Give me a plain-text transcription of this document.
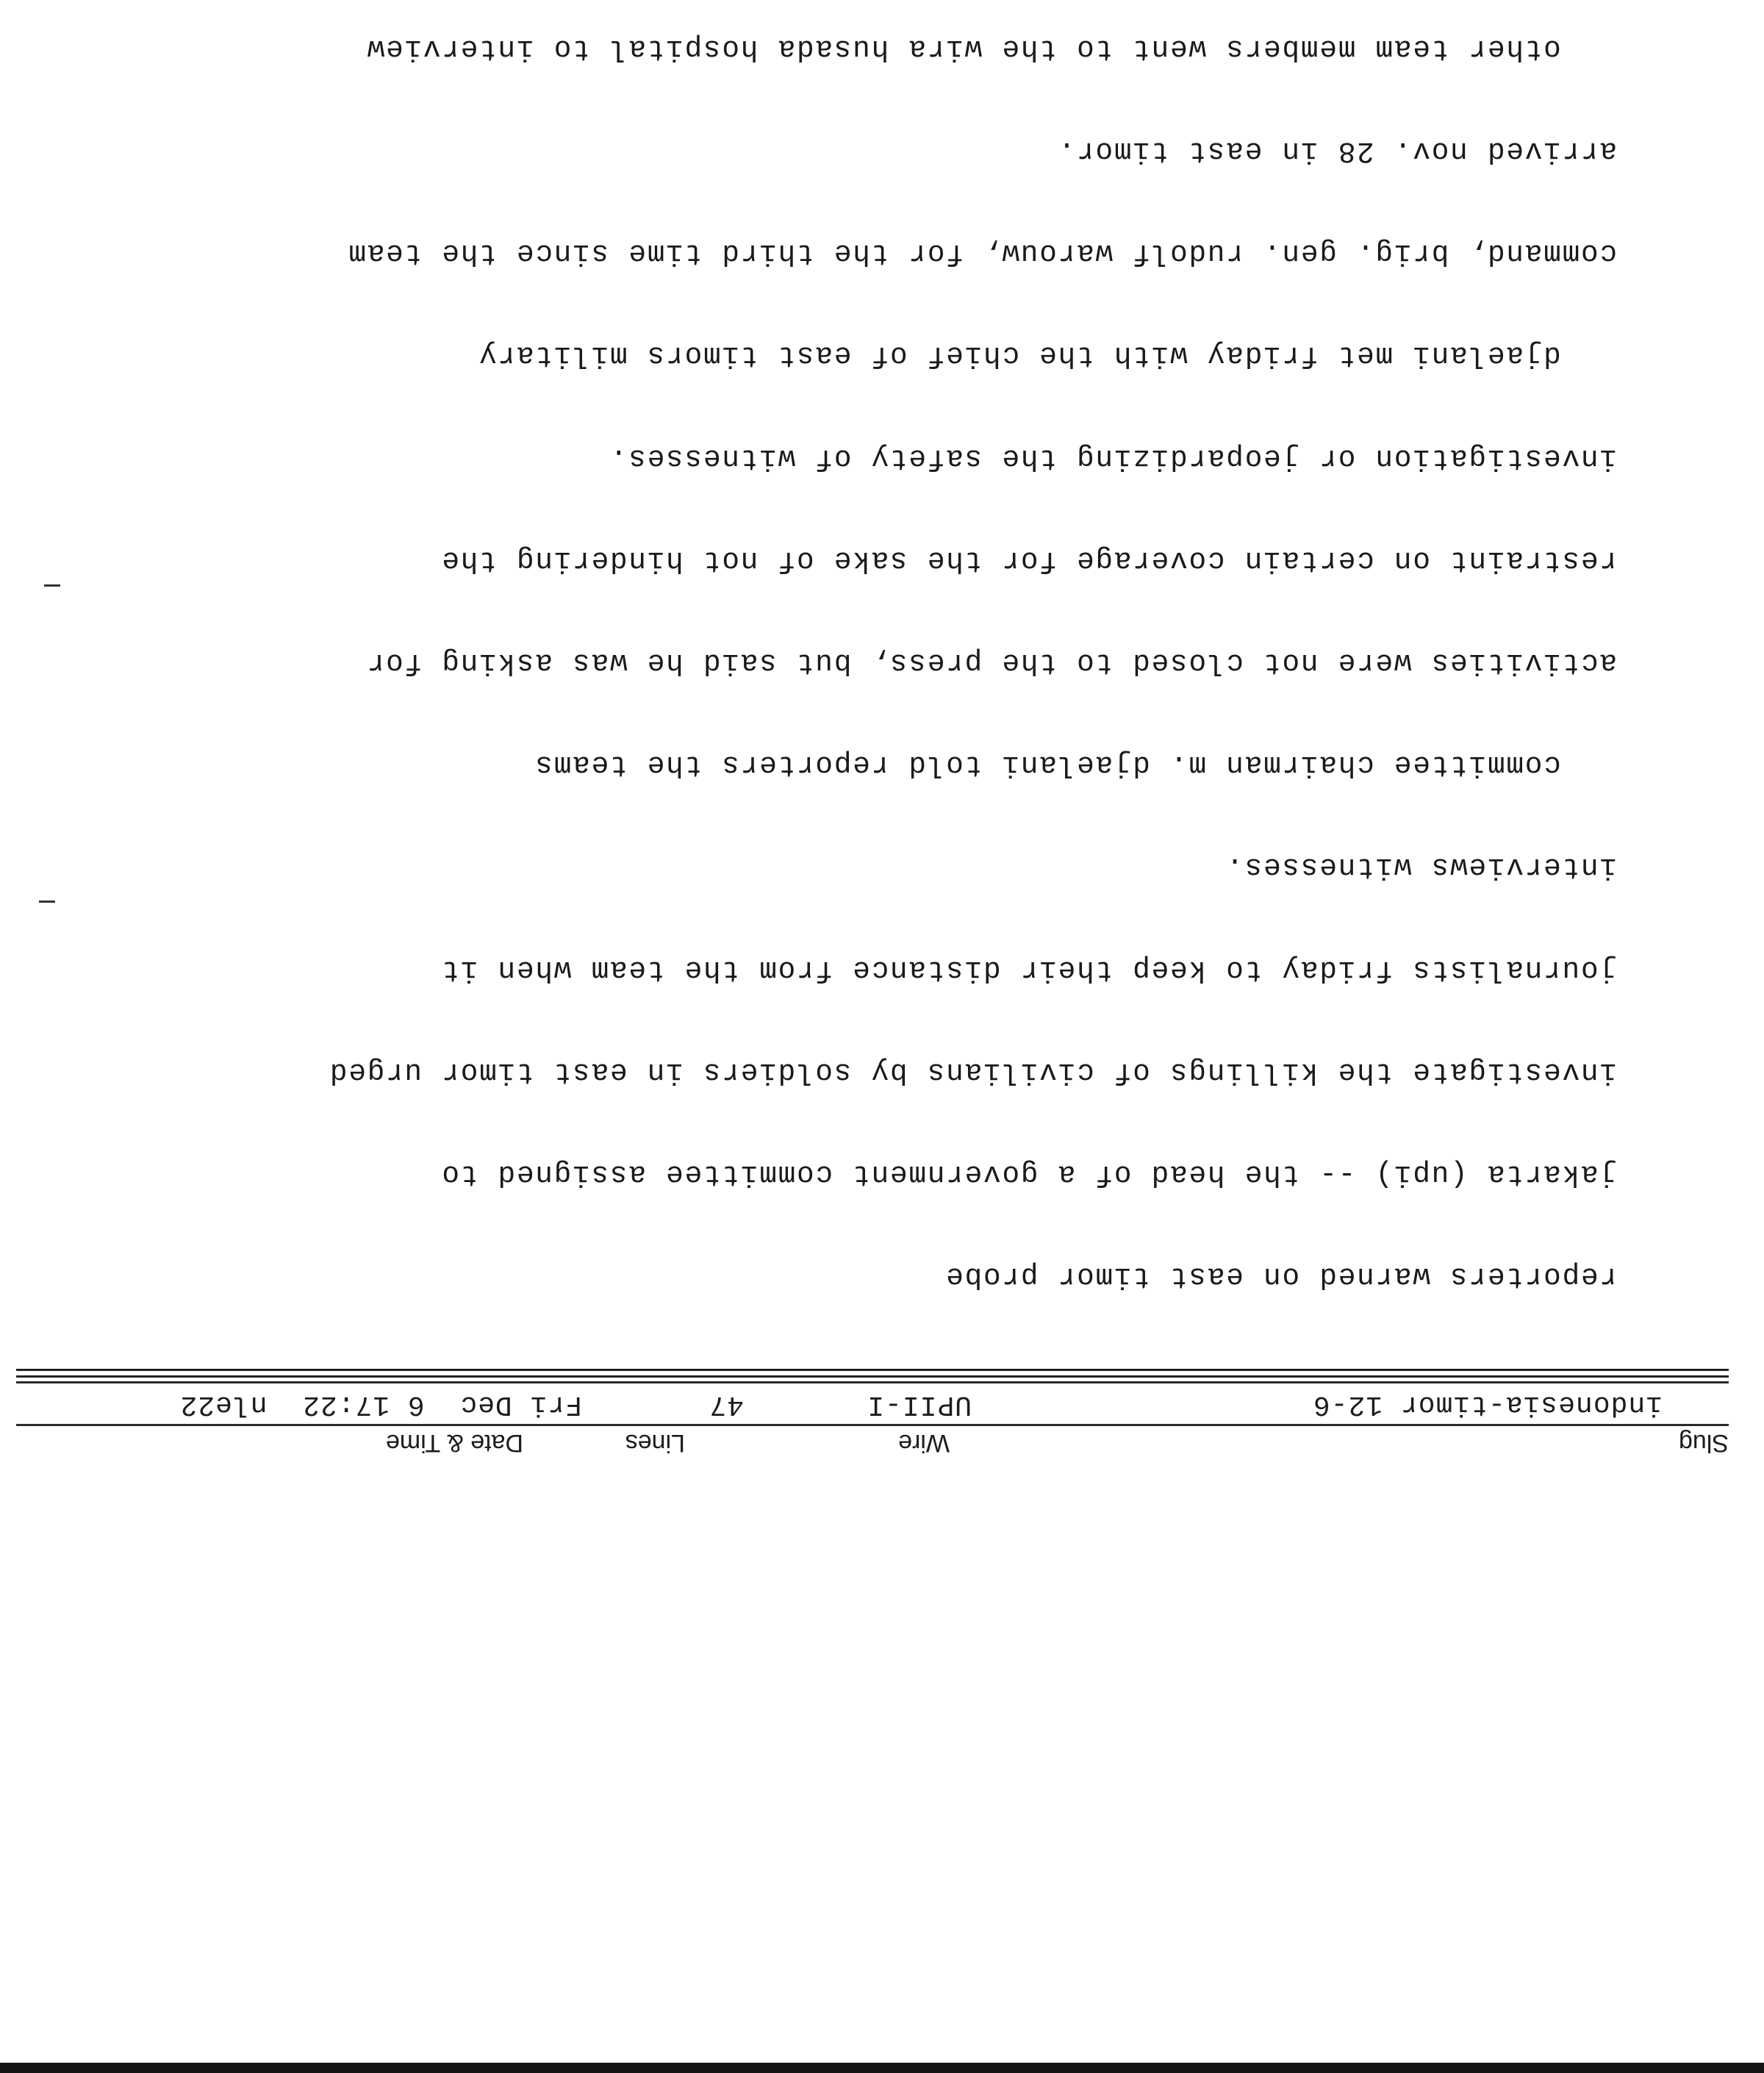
Slug
Wire
Lines
Date & Time
indonesia-timor 12-6
UPII-I
47
Fri Dec  6 17:22  nle22

reporters warned on east timor probe

jakarta (upi) -- the head of a government committee assigned to

investigate the killings of civilians by soldiers in east timor urged

journalists friday to keep their distance from the team when it

interviews witnesses.

committee chairman m. djaelani told reporters the teams

activities were not closed to the press, but said he was asking for

restraint on certain coverage for the sake of not hindering the

investigation or jeopardizing the safety of witnesses.

djaelani met friday with the chief of east timors military

command, brig. gen. rudolf warouw, for the third time since the team

arrived nov. 28 in east timor.

other team members went to the wira husada hospital to interview
